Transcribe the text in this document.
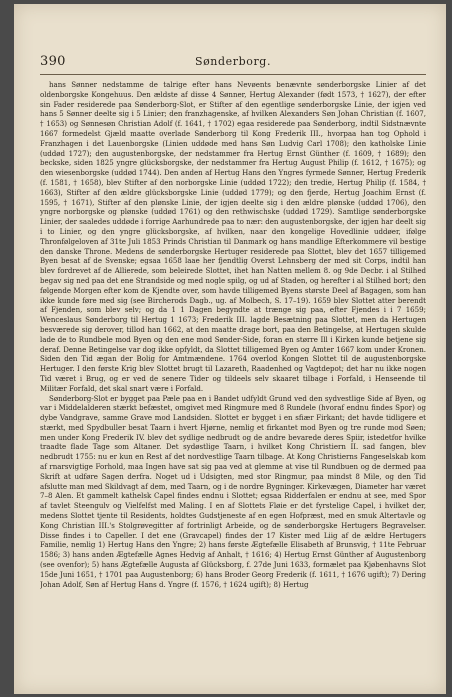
390	Sønderborg.

hans Sønner nedstamme de talrige efter hans Nevøents benævnte sønderborgske Linier af det oldenborgske Kongehuus. Den ældste af disse 4 Sønner, Hertug Alexander (født 1573, † 1627), der efter sin Fader residerede paa Sønderborg-Slot, er Stifter af den egentlige sønderborgske Linie, der igjen ved hans 5 Sønner deelte sig i 5 Linier; den franzhagenske, af hvilken Alexanders Søn Johan Christian (f. 1607, † 1653) og Sønnesøn Christian Adolf (f. 1641, † 1702) egaa residerede paa Sønderborg, indtil Sidstnævnte 1667 formedelst Gjæld maatte overlade Sønderborg til Kong Frederik III., hvorpaa han tog Ophold i Franzhagen i det Lauenborgske (Linien uddøde med hans Søn Ludvig Carl 1708); den katholske Linie (uddød 1727); den augustenborgske, der nedstammer fra Hertug Ernst Günther (f. 1609, † 1689); den beckske, siden 1825 yngre glücksborgske, der nedstammer fra Hertug August Philip (f. 1612, † 1675); og den wiesenborgske (uddød 1744). Den anden af Hertug Hans den Yngres fyrmede Sønner, Hertug Frederik (f. 1581, † 1658), blev Stifter af den norborgske Linie (uddød 1722); den tredie, Hertug Philip (f. 1584, † 1663), Stifter af den ældre glücksborgske Linie (uddød 1779); og den fjerde, Hertug Joachim Ernst (f. 1595, † 1671), Stifter af den plønske Linie, der igjen deelte sig i den ældre plønske (uddød 1706), den yngre norborgske og plønske (uddød 1761) og den rethwischske (uddød 1729). Samtlige sønderborgske Linier, der saaledes uddøde i forrige Aarhundrede paa to nær: den augustenborgske, der igjen har deelt sig i to Linier, og den yngre glücksborgske, af hvilken, naar den kongelige Hovedlinie uddøer, ifølge Thronfølgeloven af 31te Juli 1853 Prinds Christian til Danmark og hans mandlige Efterkommere vil bestige den danske Throne. Medens de sønderborgske Hertuger residerede paa Slottet, blev det 1657 tilligemed Byen besat af de Svenske; egsaa 1658 laae her fjendtlig Overst Lehnsberg der med sit Corps, indtil han blev fordrevet af de Allierede, som beleirede Slottet, ihet han Natten mellem 8. og 9de Decbr. i al Stilhed begav sig ned paa det ene Strandside og med nogle spilg, og ud af Staden, og herefter i al Stilhed bort; den følgende Morgen efter kom de Kjendte over, som havde tilligemed Byens største Deel af Bagagen, som han ikke kunde føre med sig (see Bircherods Dagb., ug. af Molbech, S. 17–19). 1659 blev Slottet atter berendt af Fjenden, som blev selv; og da 1 1 Dagen begyndte at trænge sig paa, efter Fjendes i i 7 1659; Wenceslaus Sønderborg til Hertug 1 1673; Frederik III. lagde Besætning paa Slottet, men da Hertugen besværede sig derover, tillod han 1662, at den maatte drage bort, paa den Betingelse, at Hertugen skulde lade de to Rundbele mod Byen og den ene mod Sønder-Side, foran en større Ill i Kirken kunde betjene sig deraf. Denne Betingelse var dog ikke opfyldt, da Slottet tilligemed Byen og Amter 1667 kom under Kronen. Siden den Tid ægan der Bolig for Amtmændene. 1764 overlod Kongen Slottet til de augustenborgske Hertuger. I den første Krig blev Slottet brugt til Lazareth, Raadenhed og Vagtdepot; det har nu ikke nogen Tid været i Brug, og er ved de senere Tider og tildeels selv skaaret tilbage i Forfald, i Henseende til Militær Forfald, det skal snart være i Forfald.

Sønderborg-Slot er bygget paa Pæle paa en i Bandet udfyldt Grund ved den sydvestlige Side af Byen, og var i Middelalderen stærkt befæstet, omgivet med Ringmure med 8 Rundele (hvoraf endnu findes Spor) og dybe Vandgrave, samme Grave mod Landsiden. Slottet er bygget i en sfiær Firkant; det havde tidligere et stærkt, med Spydbuller besat Taarn i hvert Hjørne, nemlig et firkantet mod Byen og tre runde mod Søen; men under Kong Frederik IV. blev det sydlige nedbrudt og de andre bevarede deres Spiir, istedetfor hvilke traadte flade Tage som Altaner. Det sydøstlige Taarn, i hvilket Kong Christiern II. sad fangen, blev nedbrudt 1755: nu er kun en Rest af det nordvestlige Taarn tilbage. At Kong Christierns Fangeselskab kom af rnarsvigtige Forhold, maa Ingen have sat sig paa ved at glemme at vise til Rundbuen og de dermed paa Skrift at udføre Sagen derfra. Noget ud i Udsigten, med stor Ringmur, paa mindst 8 Mile, og den Tid afslutte man med Skildvagt af dem, med Taarn, og i de nordre Bygninger. Kirkevægen, Diameter har været 7–8 Alen. Et gammelt kathelsk Capel findes endnu i Slottet; egsaa Ridderfalen er endnu at see, med Spor af tavlet Steengulv og Vielfelfst med Maling. I en af Slottets Fløie er det fyrstelige Capel, i hvilket der, medens Slottet tjente til Residents, holdtes Gudstjeneste af en egen Hofpræst, med en smuk Altertavle og Kong Christian III.'s Stolgrøvegitter af fortrinligt Arbeide, og de sønderborgske Hertugers Begravelser. Disse findes i to Capeller. I det ene (Gravcapel) findes der 17 Kister med Liig af de ældre Hertugers Familie, nemlig 1) Hertug Hans den Yngre; 2) hans første Ægtefælle Elisabeth af Brunsvig, † 11te Februar 1586; 3) hans anden Ægtefælle Agnes Hedvig af Anhalt, † 1616; 4) Hertug Ernst Günther af Augustenborg (see ovenfor); 5) hans Ægtefælle Augusta af Glücksborg, f. 27de Juni 1633, formælet paa Kjøbenhavns Slot 15de Juni 1651, † 1701 paa Augustenborg; 6) hans Broder Georg Frederik (f. 1611, † 1676 ugift); 7) Dering Johan Adolf, Søn af Hertug Hans d. Yngre (f. 1576, † 1624 ugift); 8) Hertug
